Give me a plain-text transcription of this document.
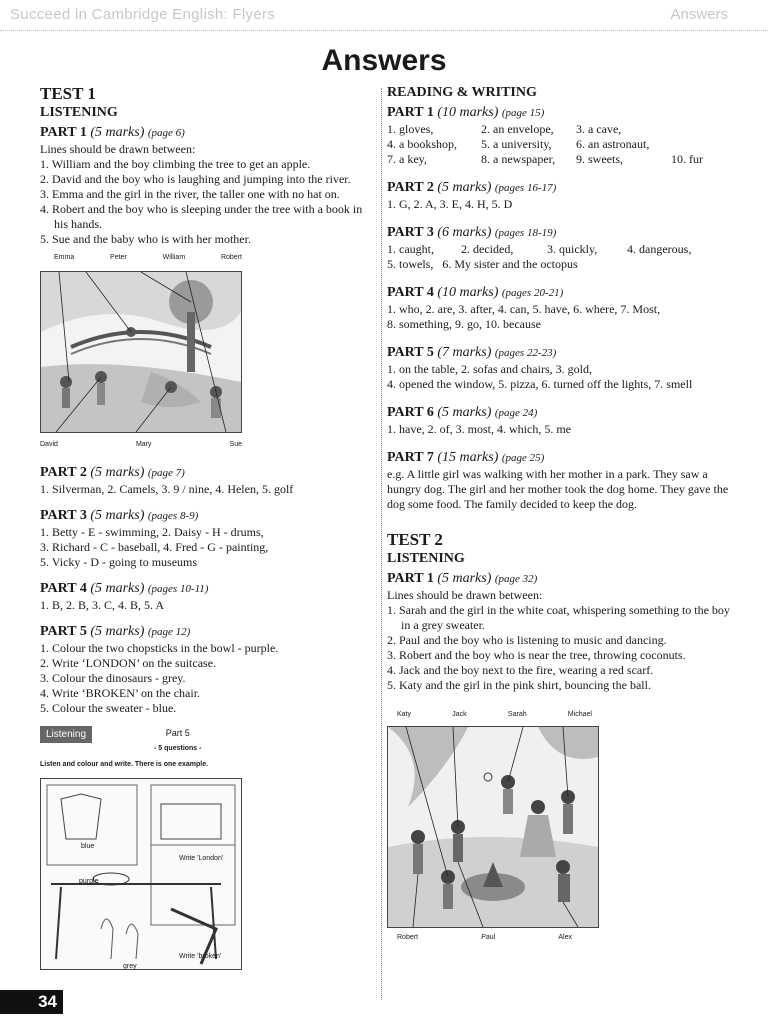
Succeed in Cambridge English: Flyers	Answers
Answers
TEST 1
LISTENING
PART 1 (5 marks) (page 6)

Lines should be drawn between:

1. William and the boy climbing the tree to get an apple.

2. David and the boy who is laughing and jumping into the river.

3. Emma and the girl in the river, the taller one with no hat on.

4. Robert and the boy who is sleeping under the tree with a book in his hands.

5. Sue and the baby who is with her mother.

Emma	Peter	William	Robert
David	Mary	Sue
PART 2 (5 marks) (page 7)

1. Silverman, 2. Camels, 3. 9 / nine, 4. Helen, 5. golf

PART 3 (5 marks) (pages 8-9)

1. Betty - E - swimming, 2. Daisy - H - drums,

3. Richard - C - baseball, 4. Fred - G - painting,

5. Vicky - D - going to museums

PART 4 (5 marks) (pages 10-11)

1. B, 2. B, 3. C, 4. B, 5. A

PART 5 (5 marks) (page 12)

1. Colour the two chopsticks in the bowl - purple.

2. Write ‘LONDON’ on the suitcase.

3. Colour the dinosaurs - grey.

4. Write ‘BROKEN’ on the chair.

5. Colour the sweater - blue.

Listening	Part 5
- 5 questions -
Listen and colour and write. There is one example.
blue
Write 'London'
purple
Write 'broken'
grey
READING & WRITING
PART 1 (10 marks) (page 15)
1. gloves,	2. an envelope,	3. a cave,
4. a bookshop,	5. a university,	6. an astronaut,
7. a key,	8. a newspaper,	9. sweets,	10. fur
PART 2 (5 marks) (pages 16-17)

1. G, 2. A, 3. E, 4. H, 5. D

PART 3 (6 marks) (pages 18-19)
1. caught,	2. decided,	3. quickly,	4. dangerous,

5. towels,   6. My sister and the octopus

PART 4 (10 marks) (pages 20-21)

1. who, 2. are, 3. after, 4. can, 5. have, 6. where, 7. Most,

8. something, 9. go, 10. because

PART 5 (7 marks) (pages 22-23)

1. on the table, 2. sofas and chairs, 3. gold,

4. opened the window, 5. pizza, 6. turned off the lights, 7. smell

PART 6 (5 marks) (page 24)

1. have, 2. of, 3. most, 4. which, 5. me

PART 7 (15 marks) (page 25)

e.g. A little girl was walking with her mother in a park. They saw a hungry dog. The girl and her mother took the dog home. They gave the dog some food. The family decided to keep the dog.

TEST 2
LISTENING
PART 1 (5 marks) (page 32)

Lines should be drawn between:

1. Sarah and the girl in the white coat, whispering something to the boy in a grey sweater.

2. Paul and the boy who is listening to music and dancing.

3. Robert and the boy who is near the tree, throwing coconuts.

4. Jack and the boy next to the fire, wearing a red scarf.

5. Katy and the girl in the pink shirt, bouncing the ball.

Katy	Jack	Sarah	Michael
Robert	Paul	Alex
34
